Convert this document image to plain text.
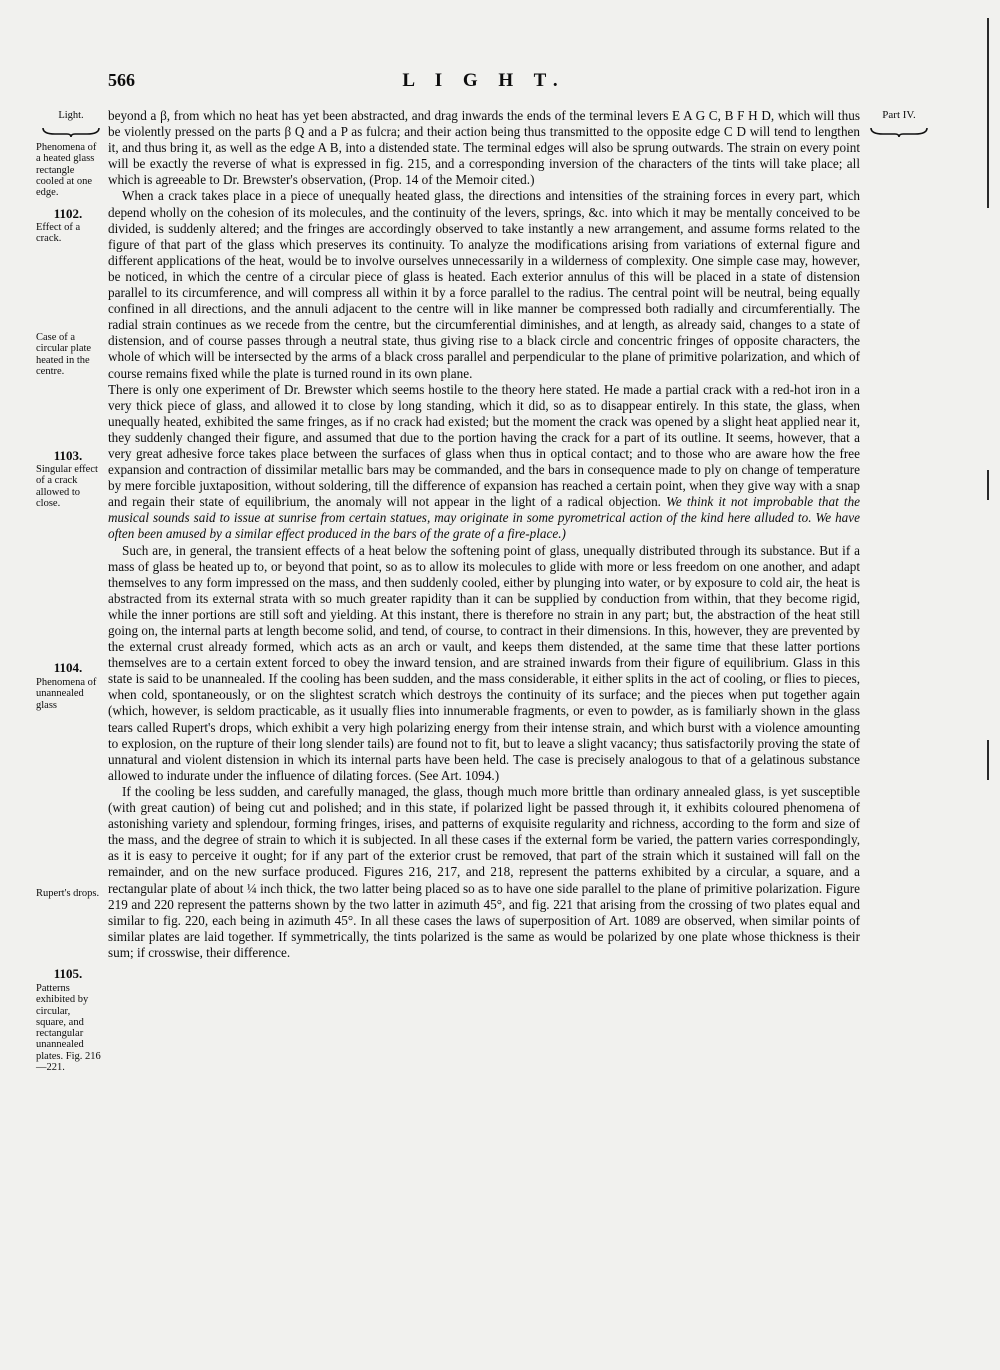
566	L I G H T.
Light.	Part IV.
Phenomena of a heated glass rectangle cooled at one edge.
1102.
Effect of a crack.
Case of a circular plate heated in the centre.
1103.
Singular effect of a crack allowed to close.
1104.
Phenomena of unannealed glass
Rupert's drops.
1105.
Patterns exhibited by circular, square, and rectangular unannealed plates. Fig. 216—221.

beyond a β, from which no heat has yet been abstracted, and drag inwards the ends of the terminal levers E A G C, B F H D, which will thus be violently pressed on the parts β Q and a P as fulcra; and their action being thus transmitted to the opposite edge C D will tend to lengthen it, and thus bring it, as well as the edge A B, into a distended state. The terminal edges will also be sprung outwards. The strain on every point will be exactly the reverse of what is expressed in fig. 215, and a corresponding inversion of the characters of the tints will take place; all which is agreeable to Dr. Brewster's observation, (Prop. 14 of the Memoir cited.)

When a crack takes place in a piece of unequally heated glass, the directions and intensities of the straining forces in every part, which depend wholly on the cohesion of its molecules, and the continuity of the levers, springs, &c. into which it may be mentally conceived to be divided, is suddenly altered; and the fringes are accordingly observed to take instantly a new arrangement, and assume forms related to the figure of that part of the glass which preserves its continuity. To analyze the modifications arising from variations of external figure and different applications of the heat, would be to involve ourselves unnecessarily in a wilderness of complexity. One simple case may, however, be noticed, in which the centre of a circular piece of glass is heated. Each exterior annulus of this will be placed in a state of distension parallel to its circumference, and will compress all within it by a force parallel to the radius. The central point will be neutral, being equally confined in all directions, and the annuli adjacent to the centre will in like manner be compressed both radially and circumferentially. The radial strain continues as we recede from the centre, but the circumferential diminishes, and at length, as already said, changes to a state of distension, and of course passes through a neutral state, thus giving rise to a black circle and concentric fringes of opposite characters, the whole of which will be intersected by the arms of a black cross parallel and perpendicular to the plane of primitive polarization, and which of course remains fixed while the plate is turned round in its own plane.

There is only one experiment of Dr. Brewster which seems hostile to the theory here stated. He made a partial crack with a red-hot iron in a very thick piece of glass, and allowed it to close by long standing, which it did, so as to disappear entirely. In this state, the glass, when unequally heated, exhibited the same fringes, as if no crack had existed; but the moment the crack was opened by a slight heat applied near it, they suddenly changed their figure, and assumed that due to the portion having the crack for a part of its outline. It seems, however, that a very great adhesive force takes place between the surfaces of glass when thus in optical contact; and to those who are aware how the free expansion and contraction of dissimilar metallic bars may be commanded, and the bars in consequence made to ply on change of temperature by mere forcible juxtaposition, without soldering, till the difference of expansion has reached a certain point, when they give way with a snap and regain their state of equilibrium, the anomaly will not appear in the light of a radical objection. We think it not improbable that the musical sounds said to issue at sunrise from certain statues, may originate in some pyrometrical action of the kind here alluded to. We have often been amused by a similar effect produced in the bars of the grate of a fire-place.)

Such are, in general, the transient effects of a heat below the softening point of glass, unequally distributed through its substance. But if a mass of glass be heated up to, or beyond that point, so as to allow its molecules to glide with more or less freedom on one another, and adapt themselves to any form impressed on the mass, and then suddenly cooled, either by plunging into water, or by exposure to cold air, the heat is abstracted from its external strata with so much greater rapidity than it can be supplied by conduction from within, that they become rigid, while the inner portions are still soft and yielding. At this instant, there is therefore no strain in any part; but, the abstraction of the heat still going on, the internal parts at length become solid, and tend, of course, to contract in their dimensions. In this, however, they are prevented by the external crust already formed, which acts as an arch or vault, and keeps them distended, at the same time that these latter portions themselves are to a certain extent forced to obey the inward tension, and are strained inwards from their figure of equilibrium. Glass in this state is said to be unannealed. If the cooling has been sudden, and the mass considerable, it either splits in the act of cooling, or flies to pieces, when cold, spontaneously, or on the slightest scratch which destroys the continuity of its surface; and the pieces when put together again (which, however, is seldom practicable, as it usually flies into innumerable fragments, or even to powder, as is familiarly shown in the glass tears called Rupert's drops, which exhibit a very high polarizing energy from their intense strain, and which burst with a violence amounting to explosion, on the rupture of their long slender tails) are found not to fit, but to leave a slight vacancy; thus satisfactorily proving the state of unnatural and violent distension in which its internal parts have been held. The case is precisely analogous to that of a gelatinous substance allowed to indurate under the influence of dilating forces. (See Art. 1094.)

If the cooling be less sudden, and carefully managed, the glass, though much more brittle than ordinary annealed glass, is yet susceptible (with great caution) of being cut and polished; and in this state, if polarized light be passed through it, it exhibits coloured phenomena of astonishing variety and splendour, forming fringes, irises, and patterns of exquisite regularity and richness, according to the form and size of the mass, and the degree of strain to which it is subjected. In all these cases if the external form be varied, the pattern varies correspondingly, as it is easy to perceive it ought; for if any part of the exterior crust be removed, that part of the strain which it sustained will fall on the remainder, and on the new surface produced. Figures 216, 217, and 218, represent the patterns exhibited by a circular, a square, and a rectangular plate of about ¼ inch thick, the two latter being placed so as to have one side parallel to the plane of primitive polarization. Figure 219 and 220 represent the patterns shown by the two latter in azimuth 45°, and fig. 221 that arising from the crossing of two plates equal and similar to fig. 220, each being in azimuth 45°. In all these cases the laws of superposition of Art. 1089 are observed, when similar points of similar plates are laid together. If symmetrically, the tints polarized is the same as would be polarized by one plate whose thickness is their sum; if crosswise, their difference.
